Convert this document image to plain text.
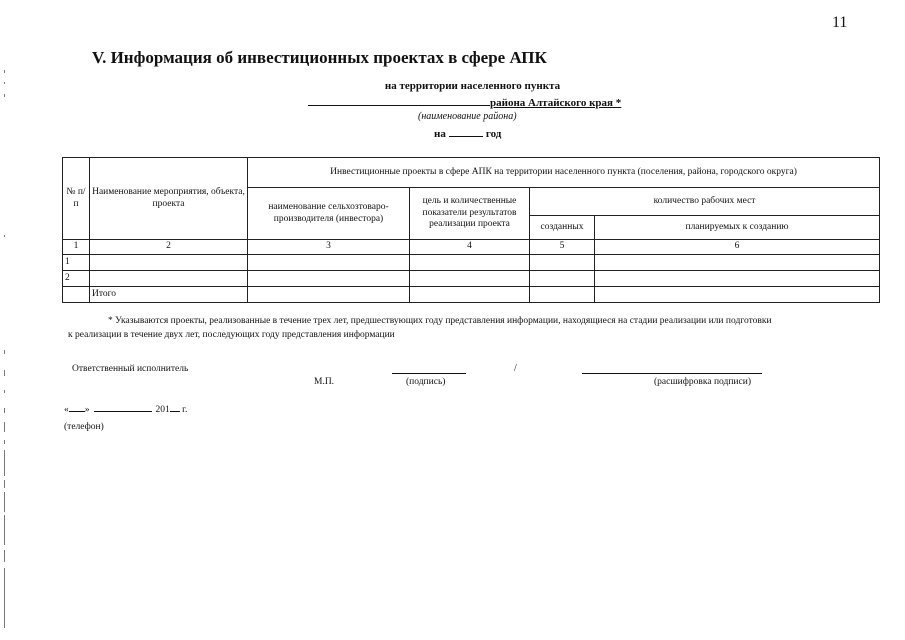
11
V. Информация об инвестиционных проектах в сфере АПК
на территории населенного пункта
района Алтайского края *
(наименование района)
на	год
№ п/п	Наименование мероприятия, объекта, проекта	Инвестиционные проекты в сфере АПК на территории населенного пункта (поселения, района, городского округа)			
		наименование сельхозтоваро-производителя (инвестора)	цель и количественные показатели результатов реализации проекта	количество рабочих мест	
				созданных	планируемых к созданию
1	2	3	4	5	6
1					
2					
	Итого				
* Указываются проекты, реализованные в течение трех лет, предшествующих году представления информации, находящиеся на стадии реализации или подготовки
к реализации в течение двух лет, последующих году представления информации
Ответственный исполнитель
М.П.	(подпись)
/
(расшифровка подписи)
« »	201 г.
(телефон)
